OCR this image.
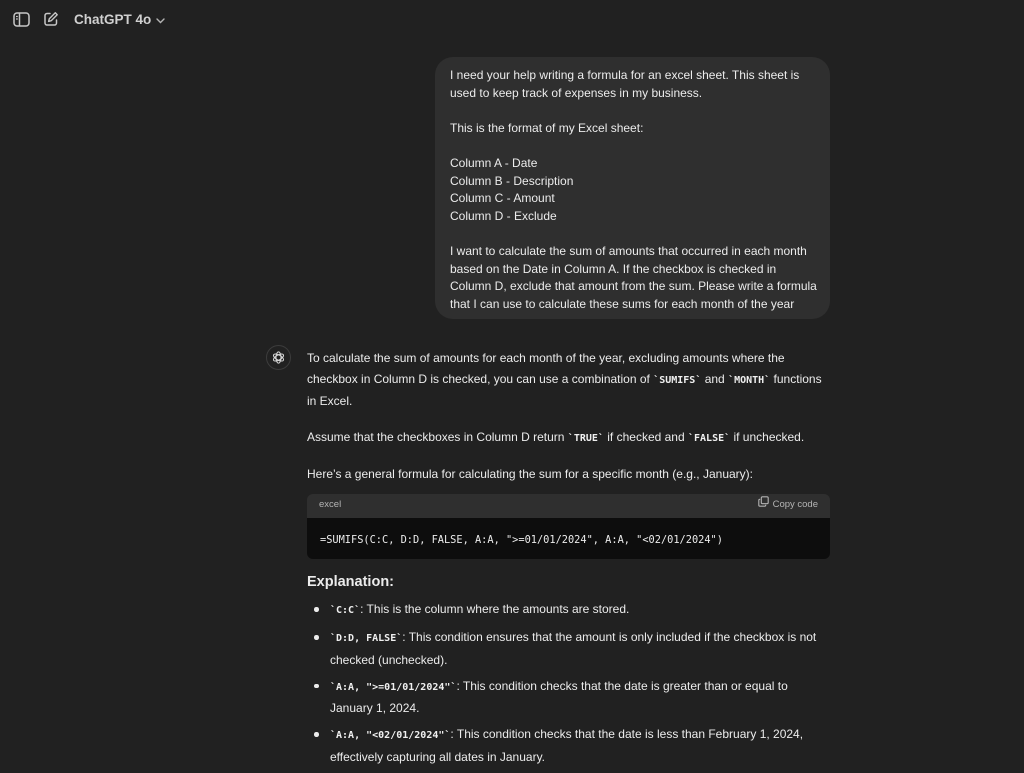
ChatGPT 4o
I need your help writing a formula for an excel sheet. This sheet is
used to keep track of expenses in my business.
This is the format of my Excel sheet:
Column A - Date
Column B - Description
Column C - Amount
Column D - Exclude
I want to calculate the sum of amounts that occurred in each month
based on the Date in Column A. If the checkbox is checked in
Column D, exclude that amount from the sum. Please write a formula
that I can use to calculate these sums for each month of the year

To calculate the sum of amounts for each month of the year, excluding amounts where the checkbox in Column D is checked, you can use a combination of `SUMIFS` and `MONTH` functions in Excel.

Assume that the checkboxes in Column D return `TRUE` if checked and `FALSE` if unchecked.

Here’s a general formula for calculating the sum for a specific month (e.g., January):

excel	Copy code
=SUMIFS(C:C, D:D, FALSE, A:A, ">=01/01/2024", A:A, "<02/01/2024")
Explanation:
`C:C`: This is the column where the amounts are stored.
`D:D, FALSE`: This condition ensures that the amount is only included if the checkbox is not checked (unchecked).
`A:A, ">=01/01/2024"`: This condition checks that the date is greater than or equal to January 1, 2024.
`A:A, "<02/01/2024"`: This condition checks that the date is less than February 1, 2024, effectively capturing all dates in January.
